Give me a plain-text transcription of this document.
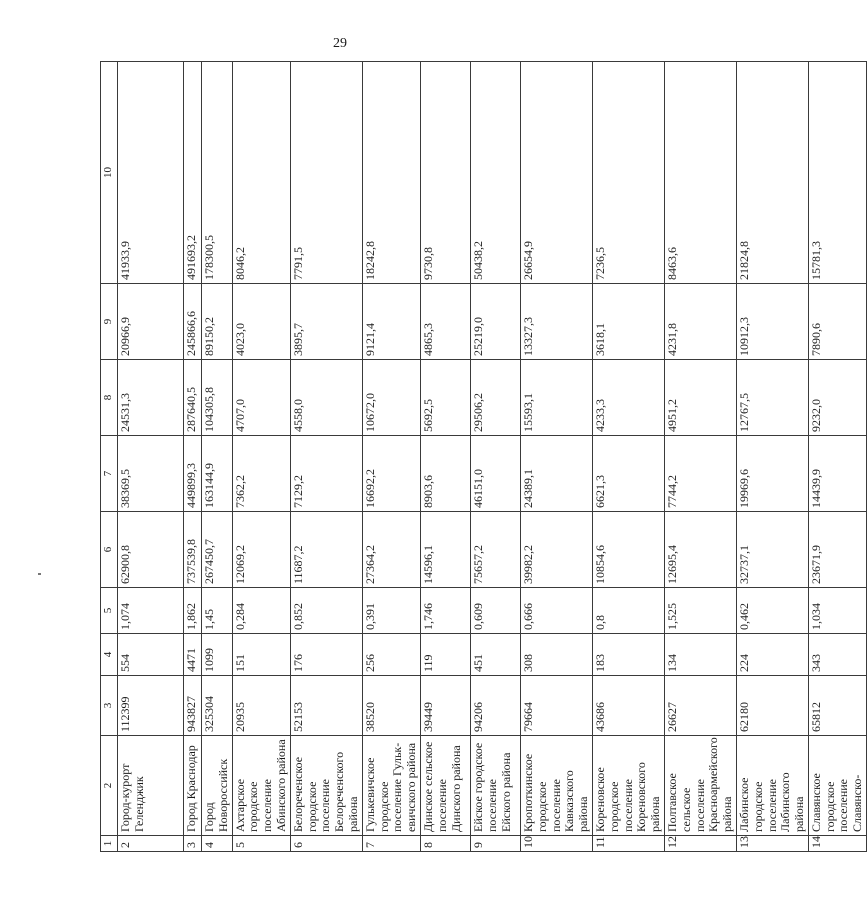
29
1	2	3	4	5	6	7	8	9	10
2	Город-курорт Геленджик	112399	554	1,074	62900,8	38369,5	24531,3	20966,9	41933,9
3	Город Краснодар	943827	4471	1,862	737539,8	449899,3	287640,5	245866,6	491693,2
4	Город Новороссийск	325304	1099	1,45	267450,7	163144,9	104305,8	89150,2	178300,5
5	Ахтарское городское поселение Абинского района	20935	151	0,284	12069,2	7362,2	4707,0	4023,0	8046,2
6	Белореченское городское поселение Белореченского района	52153	176	0,852	11687,2	7129,2	4558,0	3895,7	7791,5
7	Гулькевичское городское поселение Гулькевичского района	38520	256	0,391	27364,2	16692,2	10672,0	9121,4	18242,8
8	Динское сельское поселение Динского района	39449	119	1,746	14596,1	8903,6	5692,5	4865,3	9730,8
9	Ейское городское поселение Ейского района	94206	451	0,609	75657,2	46151,0	29506,2	25219,0	50438,2
10	Кропоткинское городское поселение Кавказского района	79664	308	0,666	39982,2	24389,1	15593,1	13327,3	26654,9
11	Кореновское городское поселение Кореновского района	43686	183	0,8	10854,6	6621,3	4233,3	3618,1	7236,5
12	Полтавское сельское поселение Красноармейского района	26627	134	1,525	12695,4	7744,2	4951,2	4231,8	8463,6
13	Лабинское городское поселение Лабинского района	62180	224	0,462	32737,1	19969,6	12767,5	10912,3	21824,8
14	Славянское городское поселение Славянско-	65812	343	1,034	23671,9	14439,9	9232,0	7890,6	15781,3
